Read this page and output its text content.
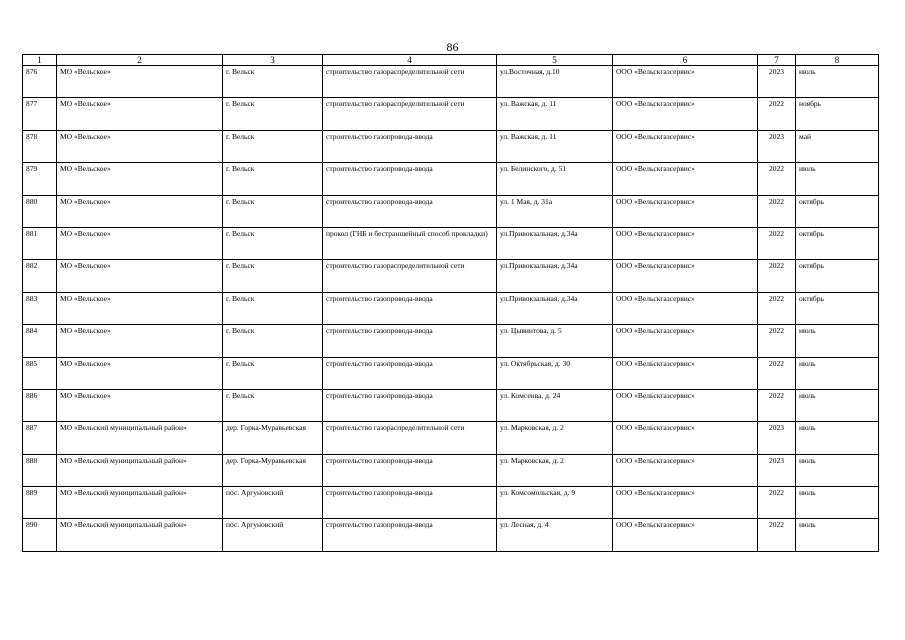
86
1	2	3	4	5	6	7	8
876	МО «Вельское»	г. Вельск	строительство газораспределительной сети	ул.Восточная, д.10	ООО «Вельскгазсервис»	2023	июль
877	МО «Вельское»	г. Вельск	строительство газораспределительной сети	ул. Важская, д. 11	ООО «Вельскгазсервис»	2022	ноябрь
878	МО «Вельское»	г. Вельск	строительство газопровода-ввода	ул. Важская, д. 11	ООО «Вельскгазсервис»	2023	май
879	МО «Вельское»	г. Вельск	строительство газопровода-ввода	ул. Белинского, д. 51	ООО «Вельскгазсервис»	2022	июль
880	МО «Вельское»	г. Вельск	строительство газопровода-ввода	ул. 1 Мая, д. 31а	ООО «Вельскгазсервис»	2022	октябрь
881	МО «Вельское»	г. Вельск	прокол (ГНБ и бестраншейный способ прокладки)	ул.Привокзальная, д.34а	ООО «Вельскгазсервис»	2022	октябрь
882	МО «Вельское»	г. Вельск	строительство газораспределительной сети	ул.Привокзальная, д.34а	ООО «Вельскгазсервис»	2022	октябрь
883	МО «Вельское»	г. Вельск	строительство газопровода-ввода	ул.Привокзальная, д.34а	ООО «Вельскгазсервис»	2022	октябрь
884	МО «Вельское»	г. Вельск	строительство газопровода-ввода	ул. Цывинтова, д. 5	ООО «Вельскгазсервис»	2022	июль
885	МО «Вельское»	г. Вельск	строительство газопровода-ввода	ул. Октябрьская, д. 30	ООО «Вельскгазсервис»	2022	июль
886	МО «Вельское»	г. Вельск	строительство газопровода-ввода	ул. Комсенва, д. 24	ООО «Вельскгазсервис»	2022	июль
887	МО «Вельский муниципальный район»	дер. Горка-Муравьевская	строительство газораспределительной сети	ул. Марковская, д. 2	ООО «Вельскгазсервис»	2023	июль
888	МО «Вельский муниципальный район»	дер. Горка-Муравьевская	строительство газопровода-ввода	ул. Марковская, д. 2	ООО «Вельскгазсервис»	2023	июль
889	МО «Вельский муниципальный район»	пос. Аргуновский	строительство газопровода-ввода	ул. Комсомольская, д. 9	ООО «Вельскгазсервис»	2022	июль
890	МО «Вельский муниципальный район»	пос. Аргуновский	строительство газопровода-ввода	ул. Лесная, д. 4	ООО «Вельскгазсервис»	2022	июль
